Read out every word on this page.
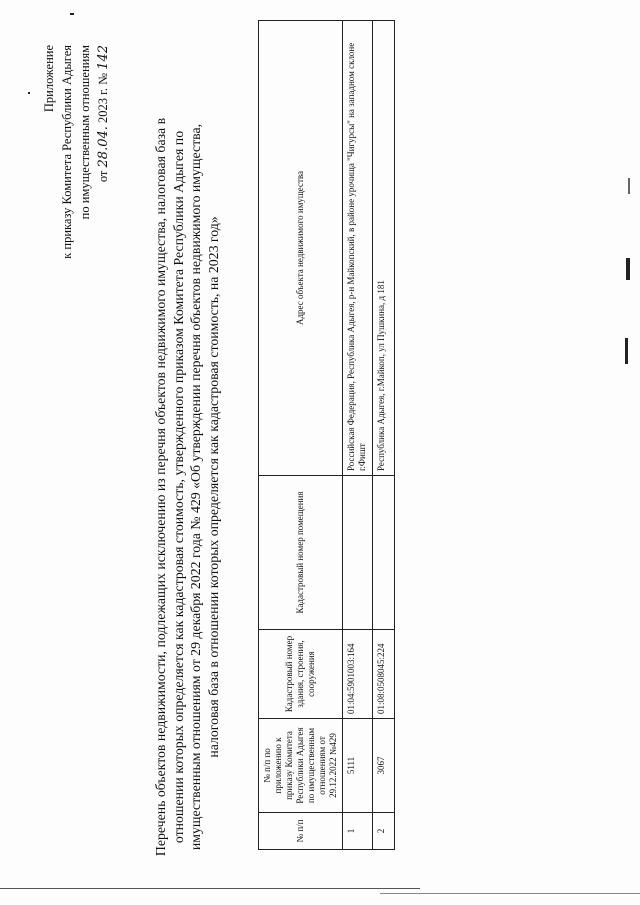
Приложение к приказу Комитета Республики Адыгея по имущественным отношениям от 28.04. 2023 г. № 142
Перечень объектов недвижимости, подлежащих исключению из перечня объектов недвижимого имущества, налоговая база в отношении которых определяется как кадастровая стоимость, утвержденного приказом Комитета Республики Адыгея по имущественным отношениям от 29 декабря 2022 года № 429 «Об утверждении перечня объектов недвижимого имущества, налоговая база в отношении которых определяется как кадастровая стоимость, на 2023 год»
№ п/п	№ п/п по приложению к приказу Комитета Республики Адыгея по имущественным отношениям от 29.12.2022 №429	Кадастровый номер здания, строения, сооружения	Кадастровый номер помещения	Адрес объекта недвижимого имущества
1	5111	01:04:5901003:164		Российская Федерация, Республика Адыгея, р-н Майкопский, в районе урочища "Чигурсы" на западном склоне г.Фишт
2	3067	01:08:0508045:224		Республика Адыгея, г.Майкоп, ул Пушкина, д 181
